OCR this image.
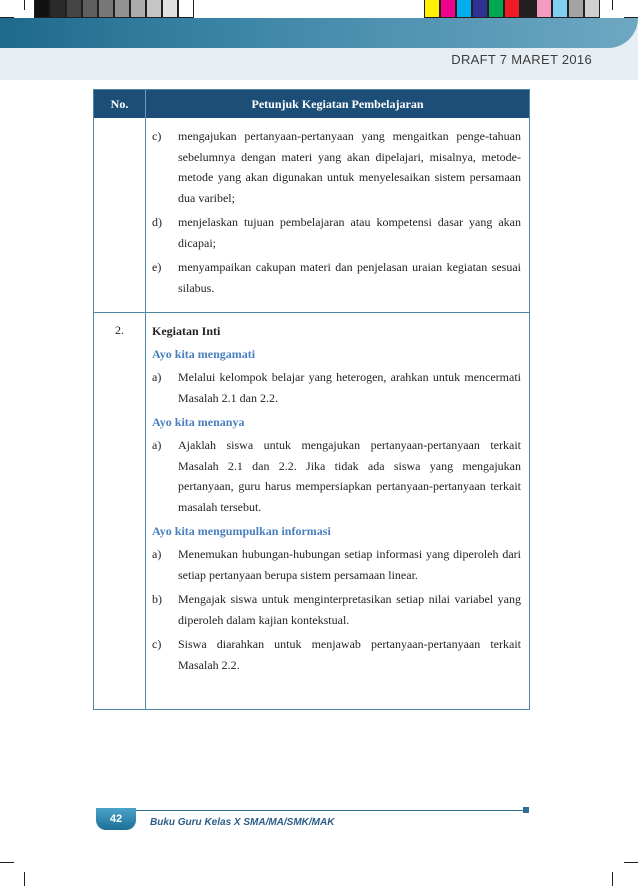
DRAFT 7 MARET 2016
No.	Petunjuk Kegiatan Pembelajaran
c)	mengajukan pertanyaan-pertanyaan yang mengaitkan penge-tahuan sebelumnya dengan materi yang akan dipelajari, misalnya, metode-metode yang akan digunakan untuk menyelesaikan sistem persamaan dua varibel;
d)	menjelaskan tujuan pembelajaran atau kompetensi dasar yang akan dicapai;
e)	menyampaikan cakupan materi dan penjelasan uraian kegiatan sesuai silabus.
2.	Kegiatan Inti
Ayo kita mengamati
a)	Melalui kelompok belajar yang heterogen, arahkan untuk mencermati Masalah 2.1 dan 2.2.
Ayo kita menanya
a)	Ajaklah siswa untuk mengajukan pertanyaan-pertanyaan terkait Masalah 2.1 dan 2.2. Jika tidak ada siswa yang mengajukan pertanyaan, guru harus mempersiapkan pertanyaan-pertanyaan terkait masalah tersebut.
Ayo kita mengumpulkan informasi
a)	Menemukan hubungan-hubungan setiap informasi yang diperoleh dari setiap pertanyaan berupa sistem persamaan linear.
b)	Mengajak siswa untuk menginterpretasikan setiap nilai variabel yang diperoleh dalam kajian kontekstual.
c)	Siswa diarahkan untuk menjawab pertanyaan-pertanyaan terkait Masalah 2.2.
42	Buku Guru Kelas X SMA/MA/SMK/MAK
